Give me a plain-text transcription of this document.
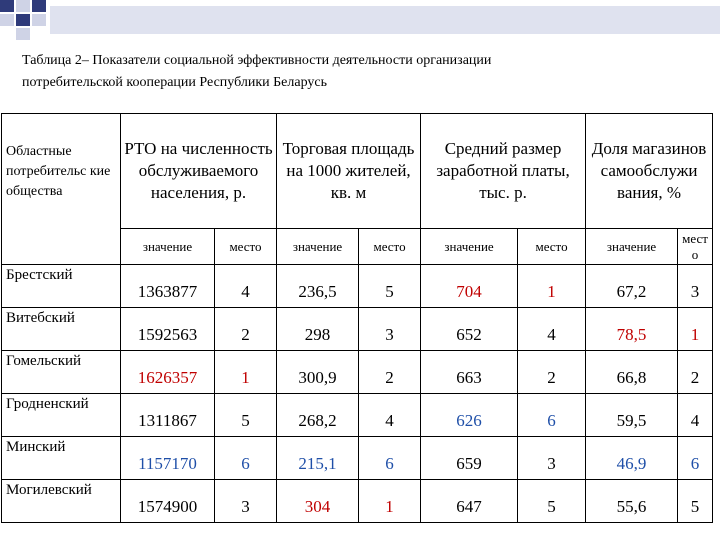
Таблица 2– Показатели социальной эффективности деятельности организации
потребительской кооперации Республики Беларусь
Областные потребительс кие общества	РТО на численность обслуживаемого населения, р.		Торговая площадь на 1000 жителей, кв. м		Средний размер заработной платы, тыс. р.		Доля магазинов самообслужи вания, %	
	значение	место	значение	место	значение	место	значение	мест
о
Брестский	1363877	4	236,5	5	704	1	67,2	3
Витебский	1592563	2	298	3	652	4	78,5	1
Гомельский	1626357	1	300,9	2	663	2	66,8	2
Гродненский	1311867	5	268,2	4	626	6	59,5	4
Минский	1157170	6	215,1	6	659	3	46,9	6
Могилевский	1574900	3	304	1	647	5	55,6	5
